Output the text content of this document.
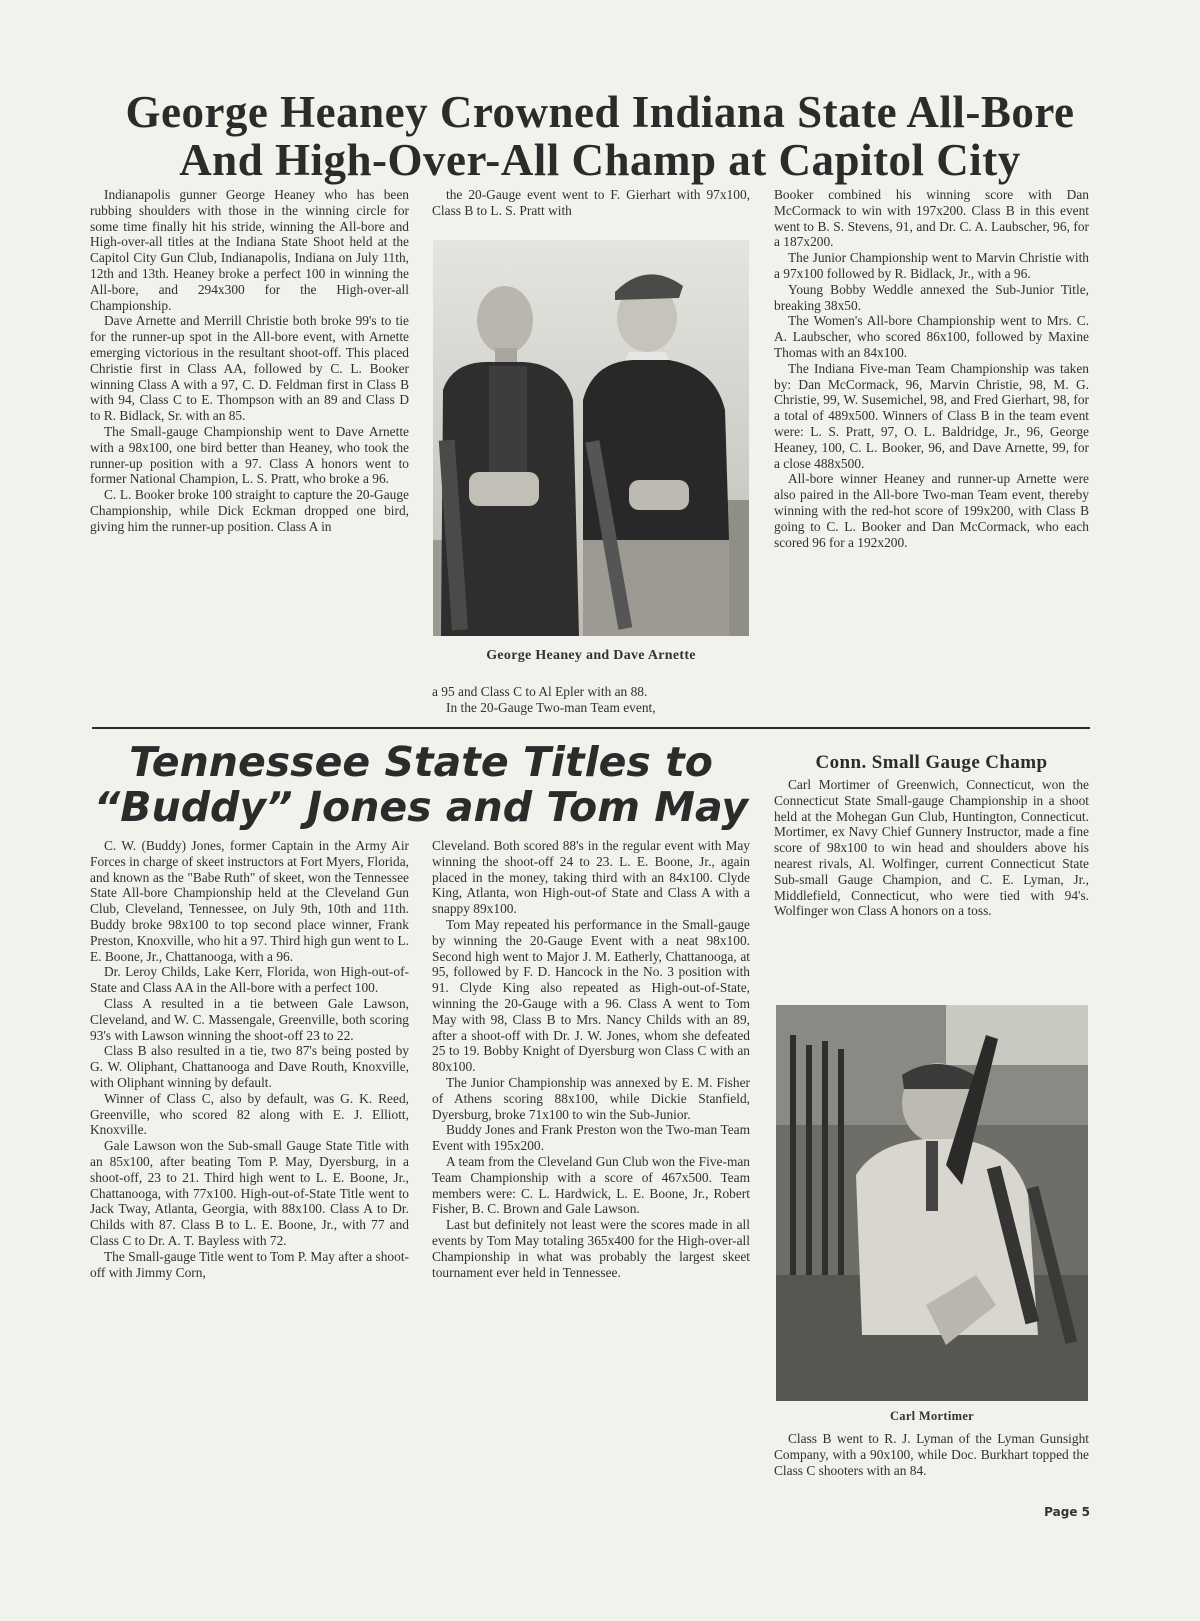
George Heaney Crowned Indiana State All-Bore
And High-Over-All Champ at Capitol City

Indianapolis gunner George Heaney who has been rubbing shoulders with those in the winning circle for some time finally hit his stride, winning the All-bore and High-over-all titles at the Indiana State Shoot held at the Capitol City Gun Club, Indianapolis, Indiana on July 11th, 12th and 13th. Heaney broke a perfect 100 in winning the All-bore, and 294x300 for the High-over-all Championship.

Dave Arnette and Merrill Christie both broke 99's to tie for the runner-up spot in the All-bore event, with Arnette emerging victorious in the resultant shoot-off. This placed Christie first in Class AA, followed by C. L. Booker winning Class A with a 97, C. D. Feldman first in Class B with 94, Class C to E. Thompson with an 89 and Class D to R. Bidlack, Sr. with an 85.

The Small-gauge Championship went to Dave Arnette with a 98x100, one bird better than Heaney, who took the runner-up position with a 97. Class A honors went to former National Champion, L. S. Pratt, who broke a 96.

C. L. Booker broke 100 straight to capture the 20-Gauge Championship, while Dick Eckman dropped one bird, giving him the runner-up position. Class A in

the 20-Gauge event went to F. Gierhart with 97x100, Class B to L. S. Pratt with

George Heaney and Dave Arnette

a 95 and Class C to Al Epler with an 88.

In the 20-Gauge Two-man Team event,

Booker combined his winning score with Dan McCormack to win with 197x200. Class B in this event went to B. S. Stevens, 91, and Dr. C. A. Laubscher, 96, for a 187x200.

The Junior Championship went to Marvin Christie with a 97x100 followed by R. Bidlack, Jr., with a 96.

Young Bobby Weddle annexed the Sub-Junior Title, breaking 38x50.

The Women's All-bore Championship went to Mrs. C. A. Laubscher, who scored 86x100, followed by Maxine Thomas with an 84x100.

The Indiana Five-man Team Championship was taken by: Dan McCormack, 96, Marvin Christie, 98, M. G. Christie, 99, W. Susemichel, 98, and Fred Gierhart, 98, for a total of 489x500. Winners of Class B in the team event were: L. S. Pratt, 97, O. L. Baldridge, Jr., 96, George Heaney, 100, C. L. Booker, 96, and Dave Arnette, 99, for a close 488x500.

All-bore winner Heaney and runner-up Arnette were also paired in the All-bore Two-man Team event, thereby winning with the red-hot score of 199x200, with Class B going to C. L. Booker and Dan McCormack, who each scored 96 for a 192x200.

Tennessee State Titles to
“Buddy” Jones and Tom May

C. W. (Buddy) Jones, former Captain in the Army Air Forces in charge of skeet instructors at Fort Myers, Florida, and known as the "Babe Ruth" of skeet, won the Tennessee State All-bore Championship held at the Cleveland Gun Club, Cleveland, Tennessee, on July 9th, 10th and 11th. Buddy broke 98x100 to top second place winner, Frank Preston, Knoxville, who hit a 97. Third high gun went to L. E. Boone, Jr., Chattanooga, with a 96.

Dr. Leroy Childs, Lake Kerr, Florida, won High-out-of-State and Class AA in the All-bore with a perfect 100.

Class A resulted in a tie between Gale Lawson, Cleveland, and W. C. Massengale, Greenville, both scoring 93's with Lawson winning the shoot-off 23 to 22.

Class B also resulted in a tie, two 87's being posted by G. W. Oliphant, Chattanooga and Dave Routh, Knoxville, with Oliphant winning by default.

Winner of Class C, also by default, was G. K. Reed, Greenville, who scored 82 along with E. J. Elliott, Knoxville.

Gale Lawson won the Sub-small Gauge State Title with an 85x100, after beating Tom P. May, Dyersburg, in a shoot-off, 23 to 21. Third high went to L. E. Boone, Jr., Chattanooga, with 77x100. High-out-of-State Title went to Jack Tway, Atlanta, Georgia, with 88x100. Class A to Dr. Childs with 87. Class B to L. E. Boone, Jr., with 77 and Class C to Dr. A. T. Bayless with 72.

The Small-gauge Title went to Tom P. May after a shoot-off with Jimmy Corn,

Cleveland. Both scored 88's in the regular event with May winning the shoot-off 24 to 23. L. E. Boone, Jr., again placed in the money, taking third with an 84x100. Clyde King, Atlanta, won High-out-of State and Class A with a snappy 89x100.

Tom May repeated his performance in the Small-gauge by winning the 20-Gauge Event with a neat 98x100. Second high went to Major J. M. Eatherly, Chattanooga, at 95, followed by F. D. Hancock in the No. 3 position with 91. Clyde King also repeated as High-out-of-State, winning the 20-Gauge with a 96. Class A went to Tom May with 98, Class B to Mrs. Nancy Childs with an 89, after a shoot-off with Dr. J. W. Jones, whom she defeated 25 to 19. Bobby Knight of Dyersburg won Class C with an 80x100.

The Junior Championship was annexed by E. M. Fisher of Athens scoring 88x100, while Dickie Stanfield, Dyersburg, broke 71x100 to win the Sub-Junior.

Buddy Jones and Frank Preston won the Two-man Team Event with 195x200.

A team from the Cleveland Gun Club won the Five-man Team Championship with a score of 467x500. Team members were: C. L. Hardwick, L. E. Boone, Jr., Robert Fisher, B. C. Brown and Gale Lawson.

Last but definitely not least were the scores made in all events by Tom May totaling 365x400 for the High-over-all Championship in what was probably the largest skeet tournament ever held in Tennessee.

Conn. Small Gauge Champ

Carl Mortimer of Greenwich, Connecticut, won the Connecticut State Small-gauge Championship in a shoot held at the Mohegan Gun Club, Huntington, Connecticut. Mortimer, ex Navy Chief Gunnery Instructor, made a fine score of 98x100 to win head and shoulders above his nearest rivals, Al. Wolfinger, current Connecticut State Sub-small Gauge Champion, and C. E. Lyman, Jr., Middlefield, Connecticut, who were tied with 94's. Wolfinger won Class A honors on a toss.

Carl Mortimer

Class B went to R. J. Lyman of the Lyman Gunsight Company, with a 90x100, while Doc. Burkhart topped the Class C shooters with an 84.

Page 5
